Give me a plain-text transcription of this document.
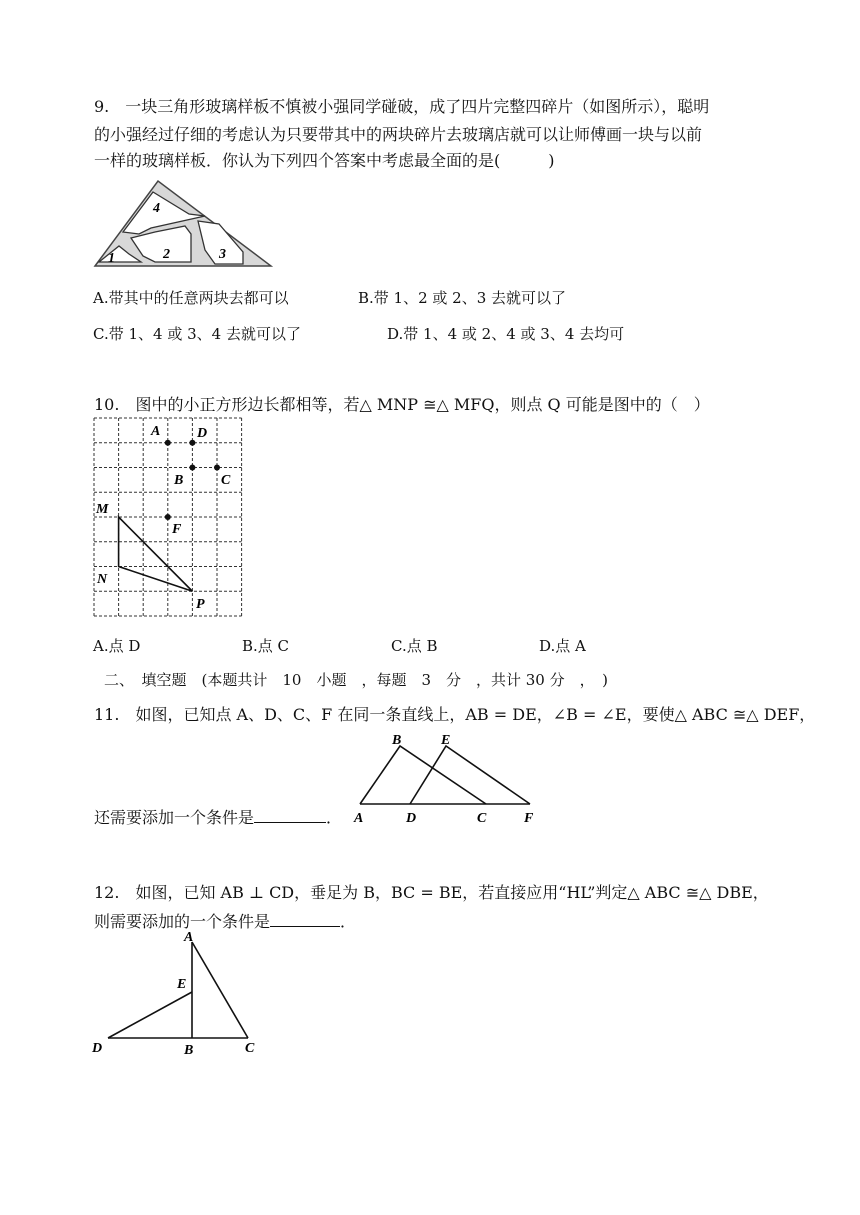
9.　一块三角形玻璃样板不慎被小强同学碰破，成了四片完整四碎片（如图所示），聪明
的小强经过仔细的考虑认为只要带其中的两块碎片去玻璃店就可以让师傅画一块与以前
一样的玻璃样板．你认为下列四个答案中考虑最全面的是(　　　)
1	2	3
4
A.带其中的任意两块去都可以	B.带 1、2 或 2、3 去就可以了
C.带 1、4 或 3、4 去就可以了	D.带 1、4 或 2、4 或 3、4 去均可
10.　图中的小正方形边长都相等，若△ MNP ≅△ MFQ，则点 Q 可能是图中的（　）
A	D
B	C
M
F
N
P
A.点 D	B.点 C	C.点 B	D.点 A
二、　填空题　(本题共计　10　小题　，每题　3　分　，共计 30 分　，　)
11.　如图，已知点 A、D、C、F 在同一条直线上，AB = DE，∠B = ∠E，要使△ ABC ≅△ DEF，
B	E
A	D	C	F
还需要添加一个条件是	．
12.　如图，已知 AB ⊥ CD，垂足为 B，BC = BE，若直接应用“HL”判定△ ABC ≅△ DBE，
则需要添加的一个条件是	．
A
E
D	B	C
